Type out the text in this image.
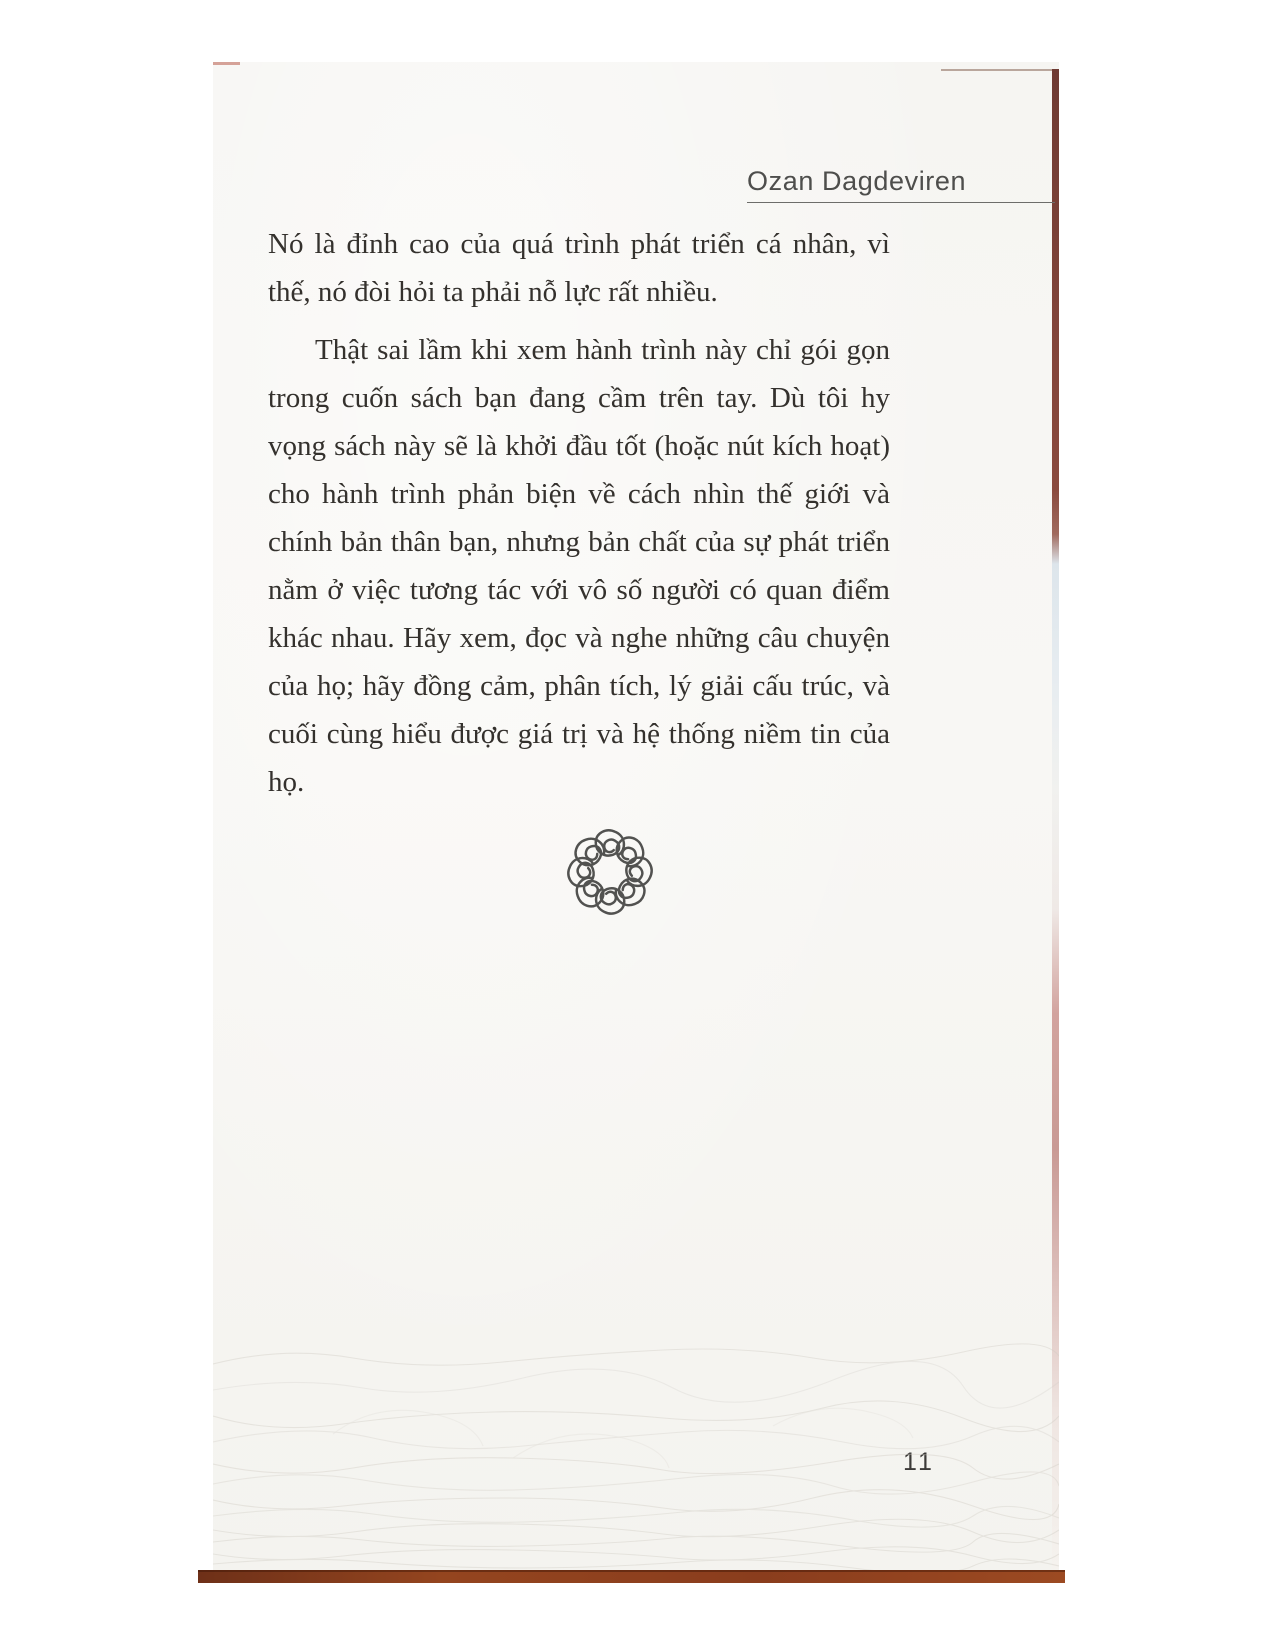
Ozan Dagdeviren

Nó là đỉnh cao của quá trình phát triển cá nhân, vì thế, nó đòi hỏi ta phải nỗ lực rất nhiều.

Thật sai lầm khi xem hành trình này chỉ gói gọn trong cuốn sách bạn đang cầm trên tay. Dù tôi hy vọng sách này sẽ là khởi đầu tốt (hoặc nút kích hoạt) cho hành trình phản biện về cách nhìn thế giới và chính bản thân bạn, nhưng bản chất của sự phát triển nằm ở việc tương tác với vô số người có quan điểm khác nhau. Hãy xem, đọc và nghe những câu chuyện của họ; hãy đồng cảm, phân tích, lý giải cấu trúc, và cuối cùng hiểu được giá trị và hệ thống niềm tin của họ.

11
